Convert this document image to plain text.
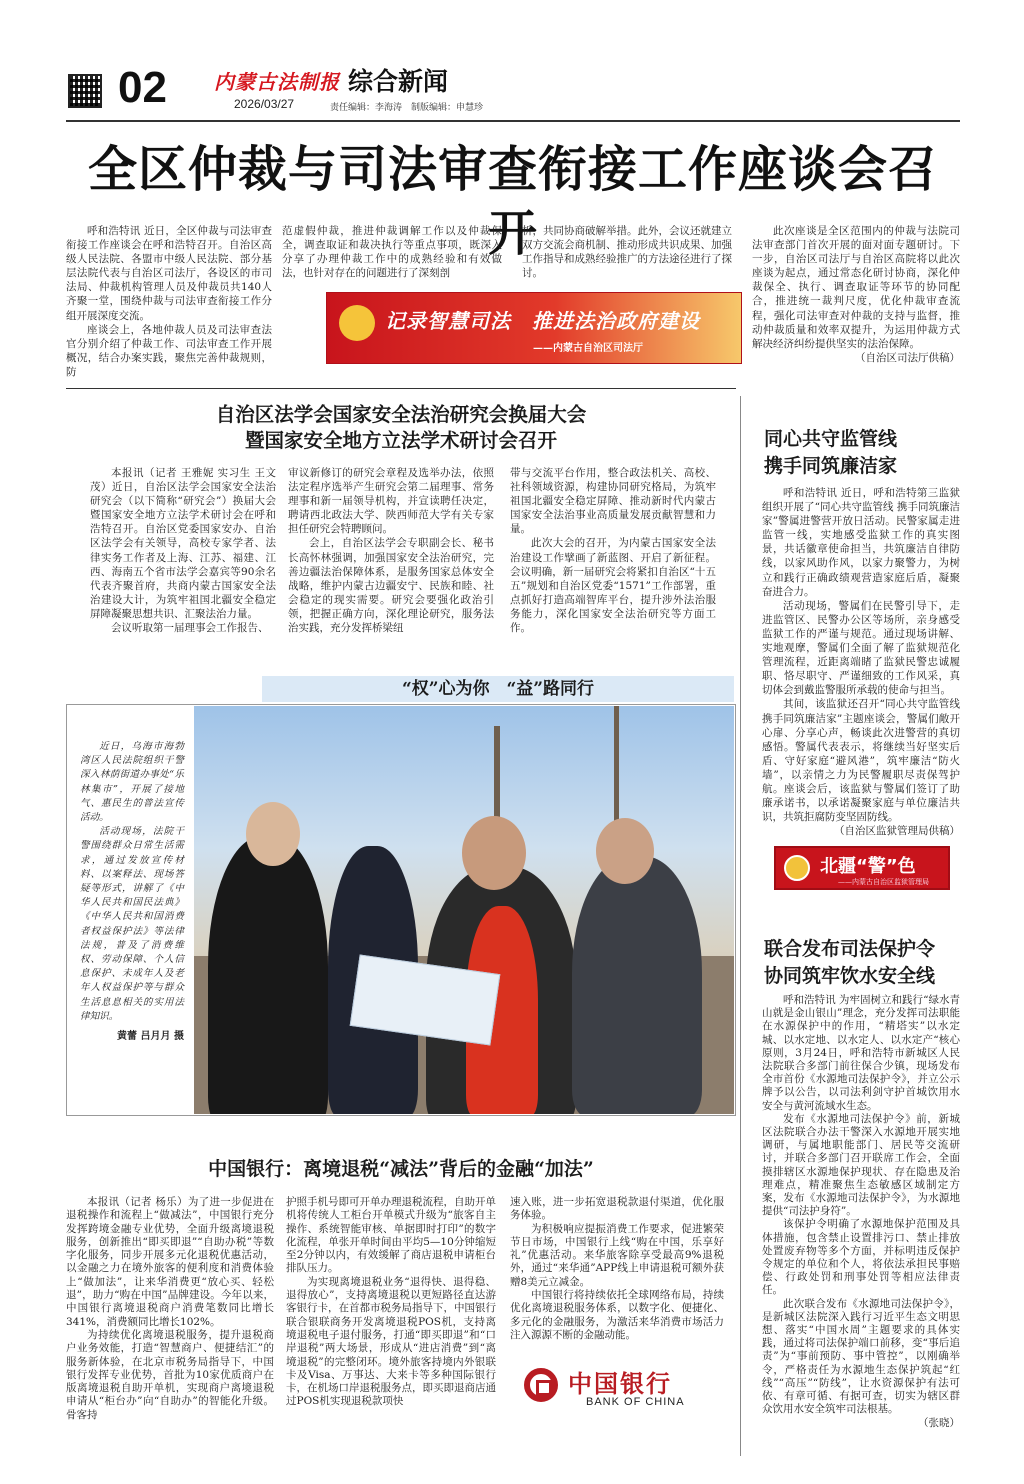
02 内蒙古法制报
2026/03/27
综合新闻
责任编辑：李海涛　制版编辑：申慧珍
全区仲裁与司法审查衔接工作座谈会召开

呼和浩特讯 近日，全区仲裁与司法审查衔接工作座谈会在呼和浩特召开。自治区高级人民法院、各盟市中级人民法院、部分基层法院代表与自治区司法厅，各设区的市司法局、仲裁机构管理人员及仲裁员共140人齐聚一堂，围绕仲裁与司法审查衔接工作分组开展深度交流。

座谈会上，各地仲裁人员及司法审查法官分别介绍了仲裁工作、司法审查工作开展概况，结合办案实践，聚焦完善仲裁规则，防

范虚假仲裁，推进仲裁调解工作以及仲裁保全，调查取证和裁决执行等重点事项，既深入分享了办理仲裁工作中的成熟经验和有效做法，也针对存在的问题进行了深刻剖

析，共同协商破解举措。此外，会议还就建立双方交流会商机制、推动形成共识成果、加强工作指导和成熟经验推广的方法途径进行了探讨。

此次座谈是全区范围内的仲裁与法院司法审查部门首次开展的面对面专题研讨。下一步，自治区司法厅与自治区高院将以此次座谈为起点，通过常态化研讨协商，深化仲裁保全、执行、调查取证等环节的协同配合，推进统一裁判尺度，优化仲裁审查流程，强化司法审查对仲裁的支持与监督，推动仲裁质量和效率双提升，为运用仲裁方式解决经济纠纷提供坚实的法治保障。

（自治区司法厅供稿）

记录智慧司法　推进法治政府建设
——内蒙古自治区司法厅
自治区法学会国家安全法治研究会换届大会
暨国家安全地方立法学术研讨会召开

本报讯（记者 王雅妮 实习生 王文茂）近日，自治区法学会国家安全法治研究会（以下简称“研究会”）换届大会暨国家安全地方立法学术研讨会在呼和浩特召开。自治区党委国家安办、自治区法学会有关领导，高校专家学者、法律实务工作者及上海、江苏、福建、江西、海南五个省市法学会嘉宾等90余名代表齐聚首府，共商内蒙古国家安全法治建设大计，为筑牢祖国北疆安全稳定屏障凝聚思想共识、汇聚法治力量。

会议听取第一届理事会工作报告、

审议新修订的研究会章程及选举办法，依照法定程序选举产生研究会第二届理事、常务理事和新一届领导机构，并宣读聘任决定，聘请西北政法大学、陕西师范大学有关专家担任研究会特聘顾问。

会上，自治区法学会专职副会长、秘书长高怀林强调，加强国家安全法治研究，完善边疆法治保障体系，是服务国家总体安全战略，维护内蒙古边疆安宁、民族和睦、社会稳定的现实需要。研究会要强化政治引领，把握正确方向，深化理论研究，服务法治实践，充分发挥桥梁纽

带与交流平台作用，整合政法机关、高校、社科领域资源，构建协同研究格局，为筑牢祖国北疆安全稳定屏障、推动新时代内蒙古国家安全法治事业高质量发展贡献智慧和力量。

此次大会的召开，为内蒙古国家安全法治建设工作擘画了新蓝图、开启了新征程。会议明确，新一届研究会将紧扣自治区“十五五”规划和自治区党委“1571”工作部署，重点抓好打造高端智库平台，提升涉外法治服务能力，深化国家安全法治研究等方面工作。

同心共守监管线
携手同筑廉洁家

呼和浩特讯 近日，呼和浩特第三监狱组织开展了“同心共守监管线 携手同筑廉洁家”警属进警营开放日活动。民警家属走进监管一线，实地感受监狱工作的真实图景，共话徽章使命担当，共筑廉洁自律防线，以家风助作风，以家力聚警力，为树立和践行正确政绩观营造家庭后盾，凝聚奋进合力。

活动现场，警属们在民警引导下，走进监管区、民警办公区等场所，亲身感受监狱工作的严谨与规范。通过现场讲解、实地观摩，警属们全面了解了监狱规范化管理流程，近距离端睹了监狱民警忠诚履职、恪尽职守、严谨细致的工作风采，真切体会到戴监警服所承载的使命与担当。

其间，该监狱还召开“同心共守监管线 携手同筑廉洁家”主题座谈会，警属们敞开心扉、分享心声，畅谈此次进警营的真切感悟。警属代表表示，将继续当好坚实后盾、守好家庭“避风港”，筑牢廉洁“防火墙”，以亲情之力为民警履职尽责保驾护航。座谈会后，该监狱与警属们签订了助廉承诺书，以承诺凝聚家庭与单位廉洁共识，共筑拒腐防变坚固防线。

（自治区监狱管理局供稿）

北疆“警”色
——内蒙古自治区监狱管理局
联合发布司法保护令
协同筑牢饮水安全线

呼和浩特讯 为牢固树立和践行“绿水青山就是金山银山”理念，充分发挥司法职能在水源保护中的作用，“精塔实”以水定城、以水定地、以水定人、以水定产“核心原则，3月24日，呼和浩特市新城区人民法院联合多部门前往保合少镇，现场发布全市首份《水源地司法保护令》，并立公示牌予以公告，以司法利剑守护首城饮用水安全与黄河流域水生态。

发布《水源地司法保护令》前，新城区法院联合办法干警深入水源地开展实地调研，与属地职能部门、居民等交流研讨，并联合多部门召开联席工作会，全面摸排辖区水源地保护现状、存在隐患及治理难点，精准聚焦生态敏感区域制定方案，发布《水源地司法保护令》，为水源地提供“司法护身符”。

该保护令明确了水源地保护范围及具体措施，包含禁止设置排污口、禁止排放处置废弃物等多个方面，并标明违反保护令规定的单位和个人，将依法承担民事赔偿、行政处罚和刑事处罚等相应法律责任。

此次联合发布《水源地司法保护令》，是新城区法院深入践行习近平生态文明思想、落实“中国水周”主题要求的具体实践，通过将司法保护端口前移，变“事后追责”为“事前预防、事中管控”，以刚确举令，严格责任为水源地生态保护筑起“红线”“高压”“防线”，让水资源保护有法可依、有章可循、有据可查，切实为辖区群众饮用水安全筑牢司法根基。

（张晓）

“权”心为你　“益”路同行

近日，乌海市海勃湾区人民法院组织干警深入林荫街道办事处“乐林集市”，开展了接地气、惠民生的普法宣传活动。

活动现场，法院干警围绕群众日常生活需求，通过发放宣传材料、以案释法、现场答疑等形式，讲解了《中华人民共和国民法典》《中华人民共和国消费者权益保护法》等法律法规，普及了消费维权、劳动保障、个人信息保护、未成年人及老年人权益保护等与群众生活息息相关的实用法律知识。

黄蕾 吕月月 摄

中国银行：离境退税“减法”背后的金融“加法”

本报讯（记者 杨乐）为了进一步促进在退税操作和流程上“做减法”，中国银行充分发挥跨境金融专业优势，全面升级离境退税服务，创新推出“即买即退”“自助办税”等数字化服务，同步开展多元化退税优惠活动，以金融之力在境外旅客的便利度和消费体验上“做加法”，让来华消费更“放心买、轻松退”，助力“购在中国”品牌建设。今年以来，中国银行离境退税商户消费笔数同比增长341%，消费额同比增长102%。

为持续优化离境退税服务，提升退税商户业务效能，打造“智慧商户、便捷结汇”的服务新体验，在北京市税务局指导下，中国银行发挥专业优势，首批为10家优质商户在版离境退税自助开单机，实现商户离境退税申请从“柜台办”向“自助办”的智能化升级。骨客持

护照手机号即可开单办理退税流程，自助开单机将传统人工柜台开单模式升级为“旅客自主操作、系统智能审核、单据即时打印”的数字化流程，单张开单时间由平均5—10分钟缩短至2分钟以内，有效缓解了商店退税申请柜台排队压力。

为实现离境退税业务“退得快、退得稳、退得放心”，支持离境退税以更短路径直达游客银行卡，在首都市税务局指导下，中国银行联合银联商务开发离境退税POS机，支持离境退税电子退付服务，打通“即买即退”和“口岸退税”两大场景，形成从“进店消费”到“离境退税”的完整闭环。境外旅客持境内外银联卡及Visa、万事达、大来卡等多种国际银行卡，在机场口岸退税服务点，即买即退商店通过POS机实现退税款项快

速入账，进一步拓宽退税款退付渠道，优化服务体验。

为积极响应提振消费工作要求，促进繁荣节日市场，中国银行上线“购在中国，乐享好礼”优惠活动。来华旅客除享受最高9%退税外，通过“来华通”APP线上申请退税可额外获赠8美元立减金。

中国银行将持续依托全球网络布局，持续优化离境退税服务体系，以数字化、便捷化、多元化的金融服务，为激活来华消费市场活力注入源源不断的金融动能。

中国银行
BANK OF CHINA
